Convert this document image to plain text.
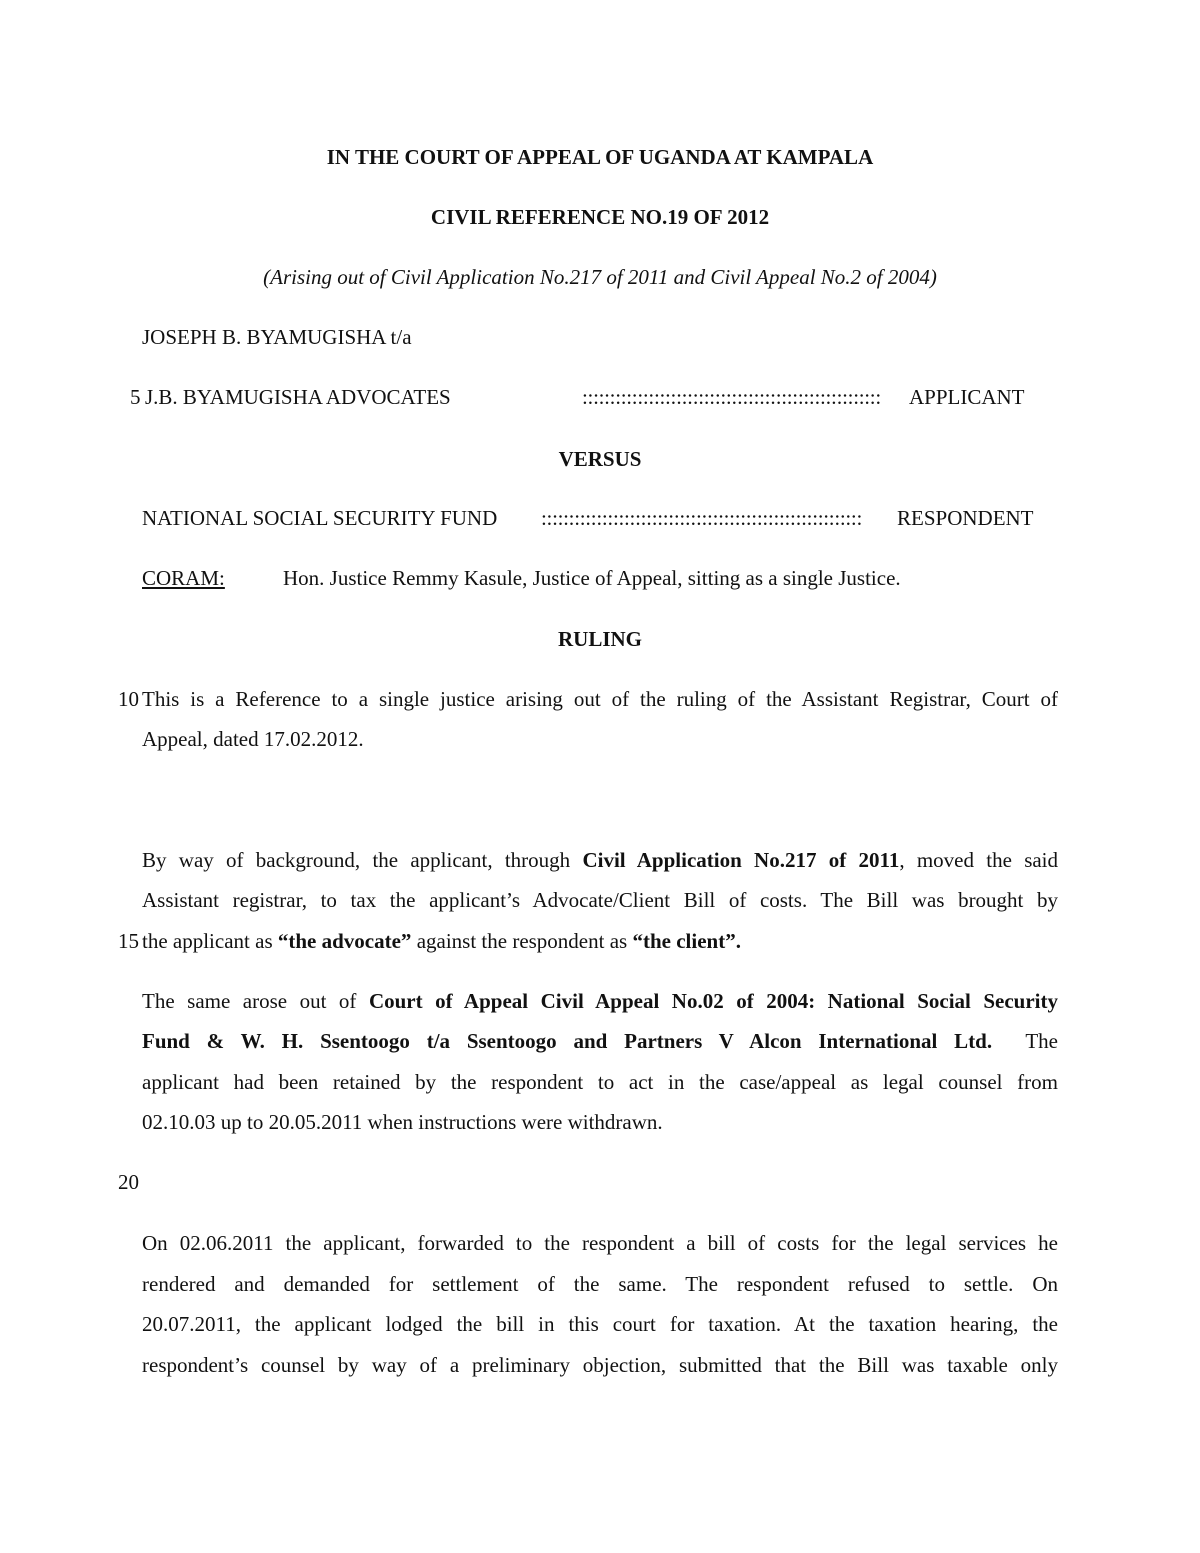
IN THE COURT OF APPEAL OF UGANDA AT KAMPALA
CIVIL REFERENCE NO.19 OF 2012
(Arising out of Civil Application No.217 of 2011 and Civil Appeal No.2 of 2004)
JOSEPH B. BYAMUGISHA t/a
5 J.B. BYAMUGISHA ADVOCATES	:::::::::::::::::::::::::::::::::::::::::::::::::::::: APPLICANT
VERSUS
NATIONAL SOCIAL SECURITY FUND :::::::::::::::::::::::::::::::::::::::::::::::::::::::::: RESPONDENT
CORAM:	Hon. Justice Remmy Kasule, Justice of Appeal, sitting as a single Justice.
RULING
10 This is a Reference to a single justice arising out of the ruling of the Assistant Registrar, Court of
Appeal, dated 17.02.2012.
By way of background, the applicant, through Civil Application No.217 of 2011, moved the said
Assistant registrar, to tax the applicant’s Advocate/Client Bill of costs. The Bill was brought by
15 the applicant as “the advocate” against the respondent as “the client”.
The same arose out of Court of Appeal Civil Appeal No.02 of 2004: National Social Security
Fund & W. H. Ssentoogo t/a Ssentoogo and Partners V Alcon International Ltd. The
applicant had been retained by the respondent to act in the case/appeal as legal counsel from
02.10.03 up to 20.05.2011 when instructions were withdrawn.
20
On 02.06.2011 the applicant, forwarded to the respondent a bill of costs for the legal services he
rendered and demanded for settlement of the same. The respondent refused to settle. On
20.07.2011, the applicant lodged the bill in this court for taxation. At the taxation hearing, the
respondent’s counsel by way of a preliminary objection, submitted that the Bill was taxable only
